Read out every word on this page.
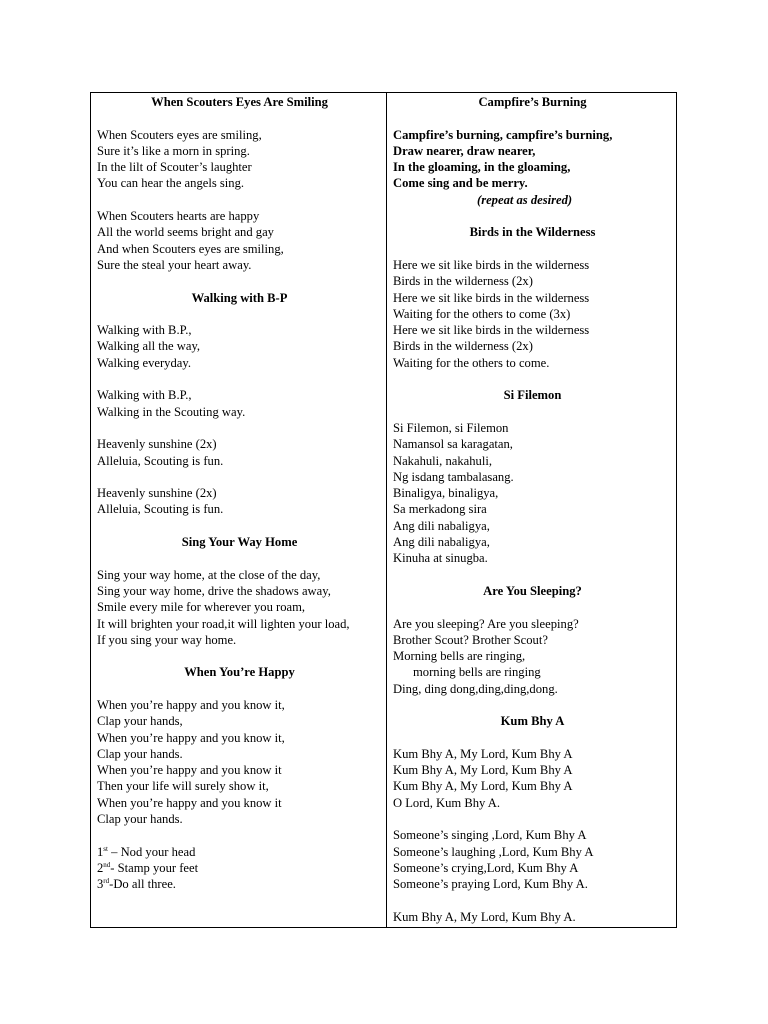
When Scouters Eyes Are Smiling

When Scouters eyes are smiling,
Sure it’s like a morn in spring.
In the lilt of Scouter’s laughter
You can hear the angels sing.
When Scouters hearts are happy
All the world seems bright and gay
And when Scouters eyes are smiling,
Sure the steal your heart away.

Walking with B-P

Walking with B.P.,
Walking all the way,
Walking everyday.
Walking with B.P.,
Walking in the Scouting way.
Heavenly sunshine (2x)
Alleluia, Scouting is fun.
Heavenly sunshine (2x)
Alleluia, Scouting is fun.

Sing Your Way Home

Sing your way home, at the close of the day,
Sing your way home, drive the shadows away,
Smile every mile for wherever you roam,
It will brighten your road,it will lighten your load,
If you sing your way home.

When You’re Happy

When you’re happy and you know it,
Clap your hands,
When you’re happy and you know it,
Clap your hands.
When you’re happy and you know it
Then your life will surely show it,
When you’re happy and you know it
Clap your hands.
1st – Nod your head
2nd- Stamp your feet
3rd-Do all three.

Campfire’s Burning

Campfire’s burning, campfire’s burning,
Draw nearer, draw nearer,
In the gloaming, in the gloaming,
Come sing and be merry.
(repeat as desired)

Birds in the Wilderness

Here we sit like birds in the wilderness
Birds in the wilderness (2x)
Here we sit like birds in the wilderness
Waiting for the others to come (3x)
Here we sit like birds in the wilderness
Birds in the wilderness (2x)
Waiting for the others to come.

Si Filemon

Si Filemon, si Filemon
Namansol sa karagatan,
Nakahuli, nakahuli,
Ng isdang tambalasang.
Binaligya, binaligya,
Sa merkadong sira
Ang dili nabaligya,
Ang dili nabaligya,
Kinuha at sinugba.

Are You Sleeping?

Are you sleeping? Are you sleeping?
Brother Scout? Brother Scout?
Morning bells are ringing,
morning bells are ringing
Ding, ding dong,ding,ding,dong.

Kum Bhy A

Kum Bhy A, My Lord, Kum Bhy A
Kum Bhy A, My Lord, Kum Bhy A
Kum Bhy A, My Lord, Kum Bhy A
O Lord, Kum Bhy A.
Someone’s singing ,Lord, Kum Bhy A
Someone’s laughing ,Lord, Kum Bhy A
Someone’s crying,Lord, Kum Bhy A
Someone’s praying Lord, Kum Bhy A.
Kum Bhy A, My Lord, Kum Bhy A.
